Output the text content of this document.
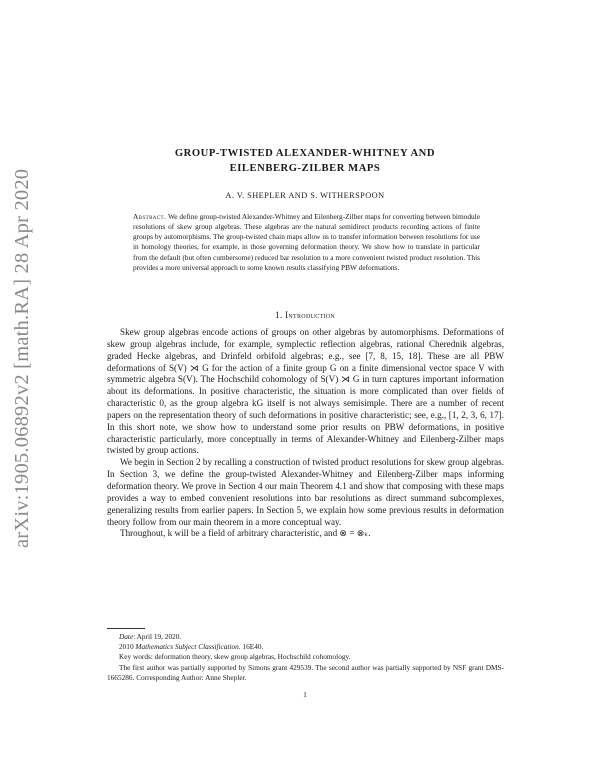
arXiv:1905.06892v2 [math.RA] 28 Apr 2020
GROUP-TWISTED ALEXANDER-WHITNEY AND
EILENBERG-ZILBER MAPS
A. V. SHEPLER AND S. WITHERSPOON
Abstract. We define group-twisted Alexander-Whitney and Eilenberg-Zilber maps for converting between bimodule resolutions of skew group algebras. These algebras are the natural semidirect products recording actions of finite groups by automorphisms. The group-twisted chain maps allow us to transfer information between resolutions for use in homology theories, for example, in those governing deformation theory. We show how to translate in particular from the default (but often cumbersome) reduced bar resolution to a more convenient twisted product resolution. This provides a more universal approach to some known results classifying PBW deformations.
1. Introduction

Skew group algebras encode actions of groups on other algebras by automorphisms. Deformations of skew group algebras include, for example, symplectic reflection algebras, rational Cherednik algebras, graded Hecke algebras, and Drinfeld orbifold algebras; e.g., see [7, 8, 15, 18]. These are all PBW deformations of S(V) ⋊ G for the action of a finite group G on a finite dimensional vector space V with symmetric algebra S(V). The Hochschild cohomology of S(V) ⋊ G in turn captures important information about its deformations. In positive characteristic, the situation is more complicated than over fields of characteristic 0, as the group algebra kG itself is not always semisimple. There are a number of recent papers on the representation theory of such deformations in positive characteristic; see, e.g., [1, 2, 3, 6, 17]. In this short note, we show how to understand some prior results on PBW deformations, in positive characteristic particularly, more conceptually in terms of Alexander-Whitney and Eilenberg-Zilber maps twisted by group actions.

We begin in Section 2 by recalling a construction of twisted product resolutions for skew group algebras. In Section 3, we define the group-twisted Alexander-Whitney and Eilenberg-Zilber maps informing deformation theory. We prove in Section 4 our main Theorem 4.1 and show that composing with these maps provides a way to embed convenient resolutions into bar resolutions as direct summand subcomplexes, generalizing results from earlier papers. In Section 5, we explain how some previous results in deformation theory follow from our main theorem in a more conceptual way.

Throughout, k will be a field of arbitrary characteristic, and ⊗ = ⊗ₖ.

Date: April 19, 2020.
2010 Mathematics Subject Classification. 16E40.
Key words: deformation theory, skew group algebras, Hochschild cohomology.
The first author was partially supported by Simons grant 429539. The second author was partially supported by NSF grant DMS-1665286. Corresponding Author: Anne Shepler.
1
